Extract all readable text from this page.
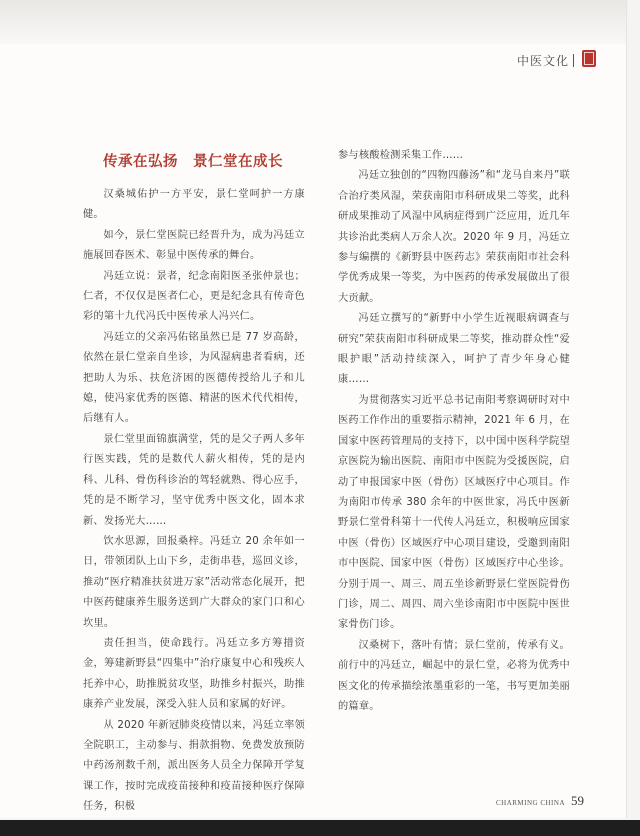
中医文化
传承在弘扬　景仁堂在成长

汉桑城佑护一方平安，景仁堂呵护一方康健。

如今，景仁堂医院已经晋升为，成为冯廷立施展回春医术、彰显中医传承的舞台。

冯廷立说：景者，纪念南阳医圣张仲景也；仁者，不仅仅是医者仁心，更是纪念具有传奇色彩的第十九代冯氏中医传承人冯兴仁。

冯廷立的父亲冯佑铭虽然已是 77 岁高龄，依然在景仁堂亲自坐诊，为风湿病患者看病，还把助人为乐、扶危济困的医德传授给儿子和儿媳，使冯家优秀的医德、精湛的医术代代相传，后继有人。

景仁堂里面锦旗满堂，凭的是父子两人多年行医实践，凭的是数代人薪火相传，凭的是内科、儿科、骨伤科诊治的驾轻就熟、得心应手，凭的是不断学习，坚守优秀中医文化，固本求新、发扬光大……

饮水思源，回报桑梓。冯廷立 20 余年如一日，带领团队上山下乡，走街串巷，巡回义诊，推动“医疗精准扶贫进万家”活动常态化展开，把中医药健康养生服务送到广大群众的家门口和心坎里。

责任担当，使命践行。冯廷立多方筹措资金，筹建新野县“四集中”治疗康复中心和残疾人托养中心，助推脱贫攻坚，助推乡村振兴，助推康养产业发展，深受入驻人员和家属的好评。

从 2020 年新冠肺炎疫情以来，冯廷立率领全院职工，主动参与、捐款捐物、免费发放预防中药汤剂数千剂，派出医务人员全力保障开学复课工作，按时完成疫苗接种和疫苗接种医疗保障任务，积极

参与核酸检测采集工作……

冯廷立独创的“四物四藤汤”和“龙马自来丹”联合治疗类风湿，荣获南阳市科研成果二等奖，此科研成果推动了风湿中风病症得到广泛应用，近几年共诊治此类病人万余人次。2020 年 9 月，冯廷立参与编撰的《新野县中医药志》荣获南阳市社会科学优秀成果一等奖，为中医药的传承发展做出了很大贡献。

冯廷立撰写的“新野中小学生近视眼病调查与研究”荣获南阳市科研成果二等奖，推动群众性“爱眼护眼”活动持续深入，呵护了青少年身心健康……

为贯彻落实习近平总书记南阳考察调研时对中医药工作作出的重要指示精神，2021 年 6 月，在国家中医药管理局的支持下，以中国中医科学院望京医院为输出医院、南阳市中医院为受援医院，启动了申报国家中医（骨伤）区域医疗中心项目。作为南阳市传承 380 余年的中医世家，冯氏中医新野景仁堂骨科第十一代传人冯廷立，积极响应国家中医（骨伤）区域医疗中心项目建设，受邀到南阳市中医院、国家中医（骨伤）区域医疗中心坐诊。分别于周一、周三、周五坐诊新野景仁堂医院骨伤门诊，周二、周四、周六坐诊南阳市中医院中医世家骨伤门诊。

汉桑树下，落叶有情；景仁堂前，传承有义。前行中的冯廷立，崛起中的景仁堂，必将为优秀中医文化的传承描绘浓墨重彩的一笔，书写更加美丽的篇章。

CHARMING CHINA 59
